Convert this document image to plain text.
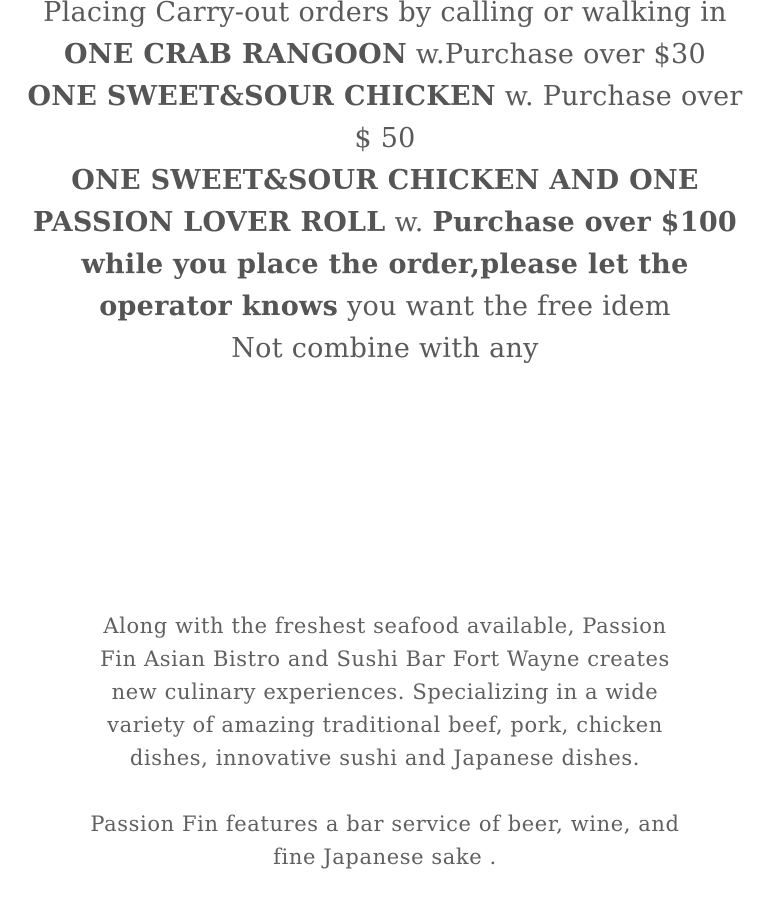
Placing Carry-out orders by calling or walking in
ONE CRAB RANGOON w.Purchase over $30
ONE SWEET&SOUR CHICKEN w. Purchase over $ 50
ONE SWEET&SOUR CHICKEN AND ONE PASSION LOVER ROLL w. Purchase over $100
while you place the order,please let the operator knows you want the free idem
Not combine with any

Along with the freshest seafood available, Passion Fin Asian Bistro and Sushi Bar Fort Wayne creates new culinary experiences. Specializing in a wide variety of amazing traditional beef, pork, chicken dishes, innovative sushi and Japanese dishes.

Passion Fin features a bar service of beer, wine, and fine Japanese sake .
